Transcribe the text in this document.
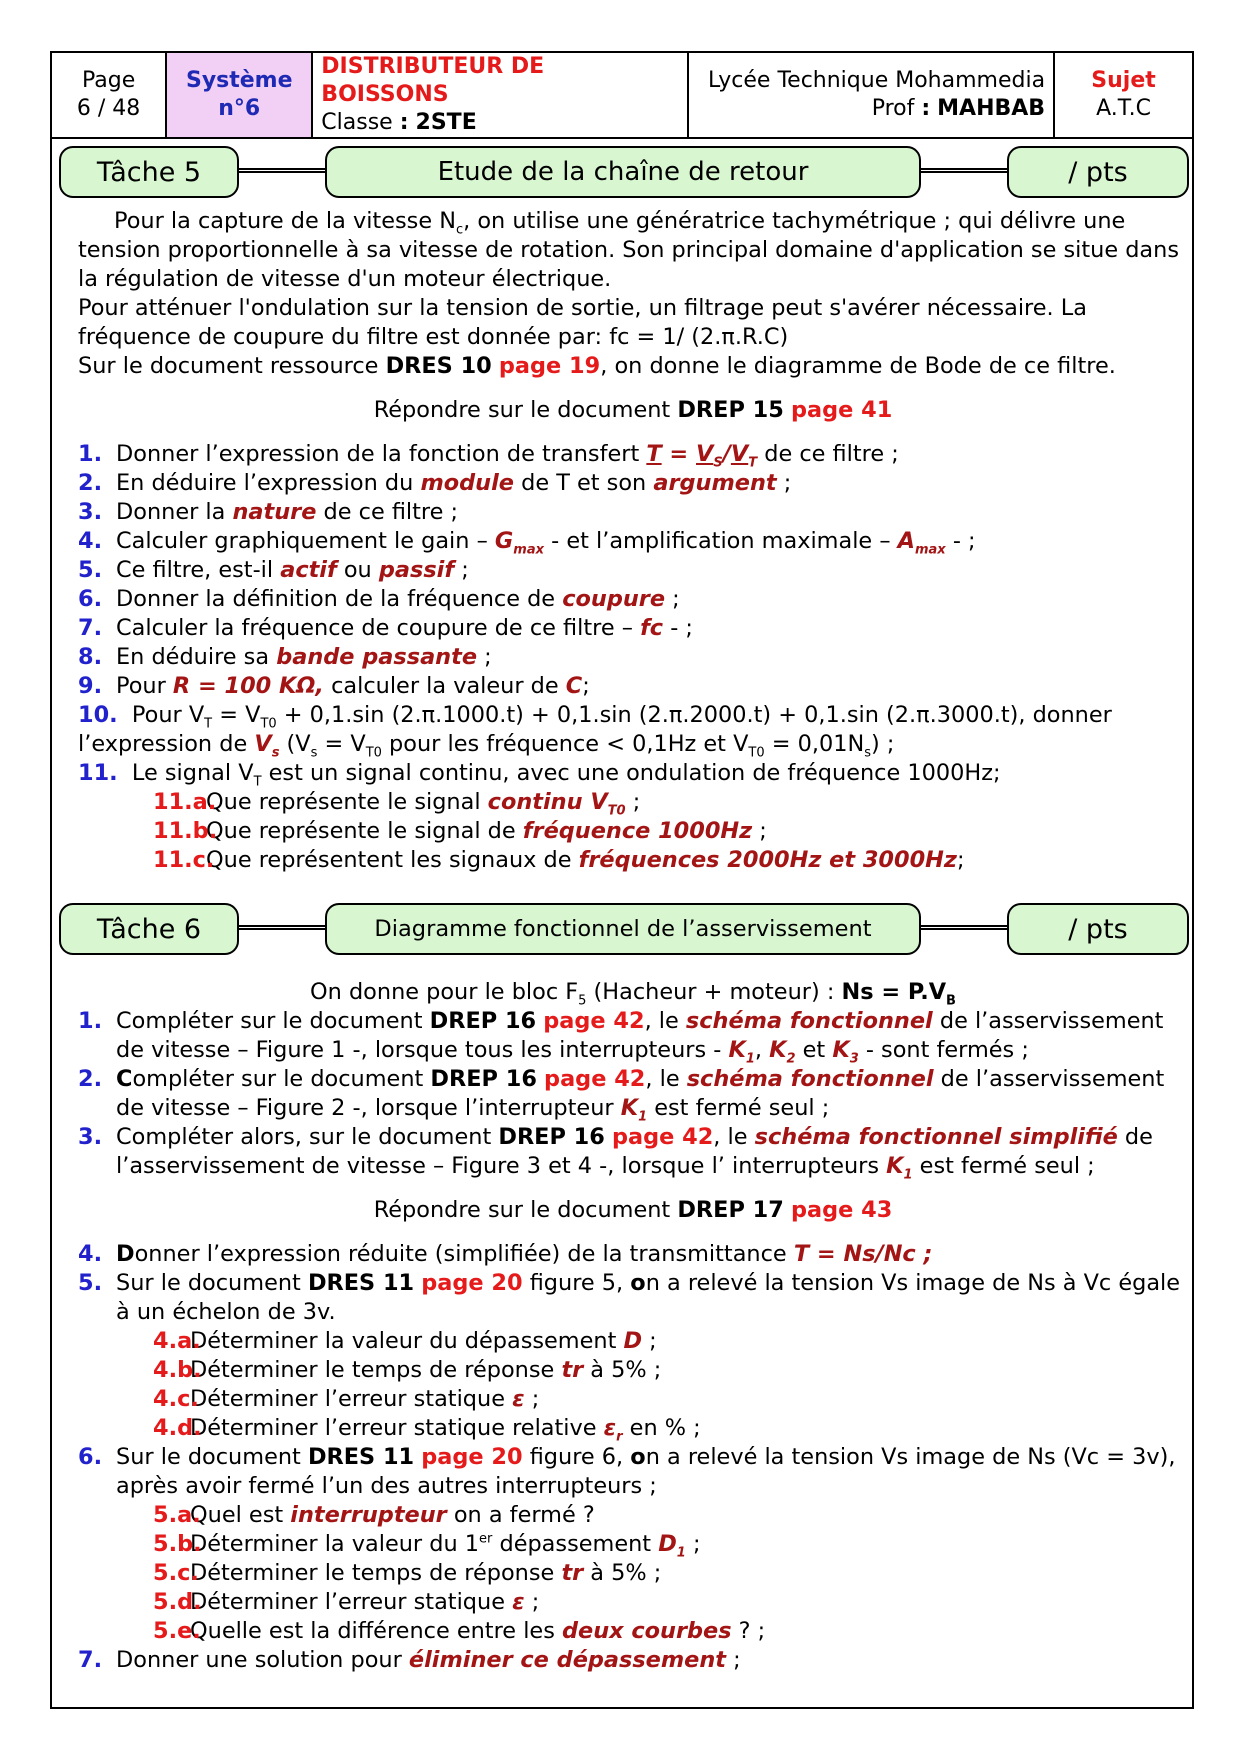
Page
6 / 48

Système
n°6

DISTRIBUTEUR DE BOISSONS
Classe : 2STE

Lycée Technique Mohammedia
Prof : MAHBAB

Sujet
A.T.C
Tâche 5	Etude de la chaîne de retour	/ pts

Pour la capture de la vitesse $N_c$, on utilise une génératrice tachymétrique ; qui délivre une tension proportionnelle à sa vitesse de rotation. Son principal domaine d'application se situe dans la régulation de vitesse d'un moteur électrique.

Pour atténuer l'ondulation sur la tension de sortie, un filtrage peut s'avérer nécessaire. La fréquence de coupure du filtre est donnée par: fc = 1/ (2.π.R.C)

Sur le document ressource DRES 10 page 19, on donne le diagramme de Bode de ce filtre.

Répondre sur le document DREP 15 page 41

1. Donner l’expression de la fonction de transfert $T = V_S/V_T$ de ce filtre ;
2. En déduire l’expression du module de T et son argument ;
3. Donner la nature de ce filtre ;
4. Calculer graphiquement le gain – $G_{max}$ - et l’amplification maximale – $A_{max}$ - ;
5. Ce filtre, est-il actif ou passif ;
6. Donner la définition de la fréquence de coupure ;
7. Calculer la fréquence de coupure de ce filtre – fc - ;
8. En déduire sa bande passante ;
9. Pour R = 100 KΩ, calculer la valeur de C;
10. Pour $V_T = V_{T0} + 0,1.\sin$ (2.π.1000.t) + 0,1.sin (2.π.2000.t) + 0,1.sin (2.π.3000.t), donner l’expression de $V_s$ ($V_s = V_{T0}$ pour les fréquence < 0,1Hz et $V_{T0} = 0,01N_s$) ;
11. Le signal $V_T$ est un signal continu, avec une ondulation de fréquence 1000Hz;
11.a.
Que représente le signal continu $V_{T0}$ ;
11.b.
Que représente le signal de fréquence 1000Hz ;
11.c.
Que représentent les signaux de fréquences 2000Hz et 3000Hz;
Tâche 6	Diagramme fonctionnel de l’asservissement	/ pts

On donne pour le bloc $F_5$ (Hacheur + moteur) : $Ns = P.V_B$

1. Compléter sur le document DREP 16 page 42, le schéma fonctionnel de l’asservissement de vitesse – Figure 1 -, lorsque tous les interrupteurs - $K_1$, $K_2$ et $K_3$ - sont fermés ;
2. Compléter sur le document DREP 16 page 42, le schéma fonctionnel de l’asservissement de vitesse – Figure 2 -, lorsque l’interrupteur $K_1$ est fermé seul ;
3. Compléter alors, sur le document DREP 16 page 42, le schéma fonctionnel simplifié de l’asservissement de vitesse – Figure 3 et 4 -, lorsque l’ interrupteurs $K_1$ est fermé seul ;

Répondre sur le document DREP 17 page 43

4. Donner l’expression réduite (simplifiée) de la transmittance T = Ns/Nc ;
5. Sur le document DRES 11 page 20 figure 5, on a relevé la tension Vs image de Ns à Vc égale à un échelon de 3v.
4.a.
Déterminer la valeur du dépassement D ;
4.b.
Déterminer le temps de réponse tr à 5% ;
4.c.
Déterminer l’erreur statique ε ;
4.d.
Déterminer l’erreur statique relative $\varepsilon_r$ en % ;
6. Sur le document DRES 11 page 20 figure 6, on a relevé la tension Vs image de Ns (Vc = 3v), après avoir fermé l’un des autres interrupteurs ;
5.a.
Quel est interrupteur on a fermé ?
5.b.
Déterminer la valeur du 1er dépassement $D_1$ ;
5.c.
Déterminer le temps de réponse tr à 5% ;
5.d.
Déterminer l’erreur statique ε ;
5.e.
Quelle est la différence entre les deux courbes ? ;
7. Donner une solution pour éliminer ce dépassement ;
